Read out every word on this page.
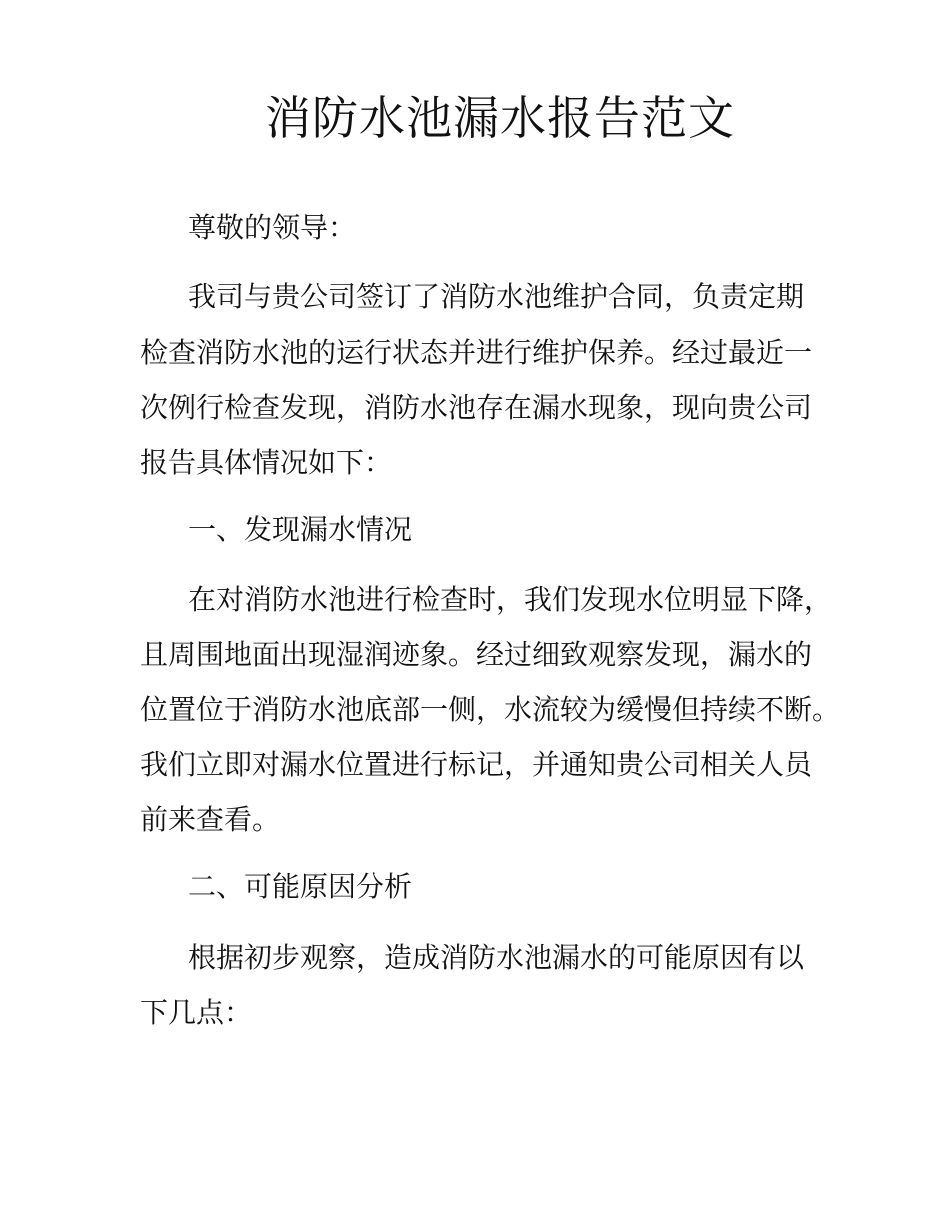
消防水池漏水报告范文
尊敬的领导：
我司与贵公司签订了消防水池维护合同，负责定期
检查消防水池的运行状态并进行维护保养。经过最近一
次例行检查发现，消防水池存在漏水现象，现向贵公司
报告具体情况如下：
一、发现漏水情况
在对消防水池进行检查时，我们发现水位明显下降，
且周围地面出现湿润迹象。经过细致观察发现，漏水的
位置位于消防水池底部一侧，水流较为缓慢但持续不断。
我们立即对漏水位置进行标记，并通知贵公司相关人员
前来查看。
二、可能原因分析
根据初步观察，造成消防水池漏水的可能原因有以
下几点：
